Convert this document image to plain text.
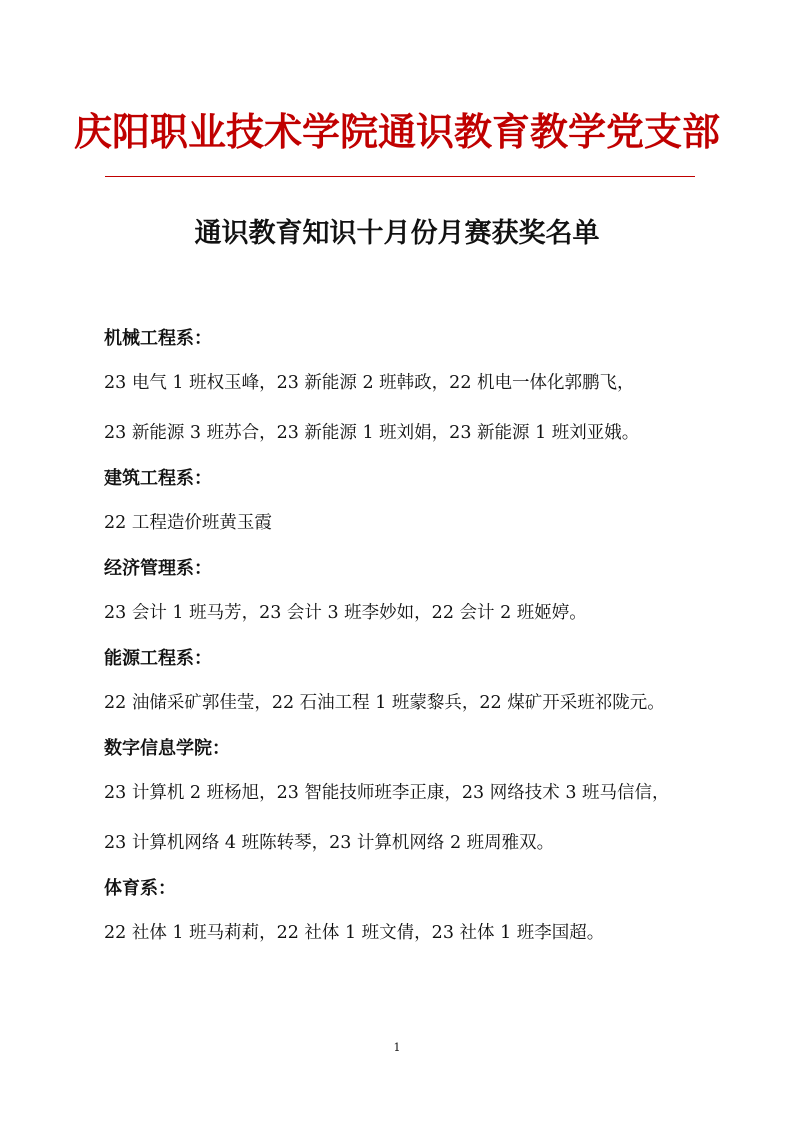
庆阳职业技术学院通识教育教学党支部
通识教育知识十月份月赛获奖名单
机械工程系：
23 电气 1 班权玉峰，23 新能源 2 班韩政，22 机电一体化郭鹏飞，
23 新能源 3 班苏合，23 新能源 1 班刘娟，23 新能源 1 班刘亚娥。
建筑工程系：
22 工程造价班黄玉霞
经济管理系：
23 会计 1 班马芳，23 会计 3 班李妙如，22 会计 2 班姬婷。
能源工程系：
22 油储采矿郭佳莹，22 石油工程 1 班蒙黎兵，22 煤矿开采班祁陇元。
数字信息学院：
23 计算机 2 班杨旭，23 智能技师班李正康，23 网络技术 3 班马信信，
23 计算机网络 4 班陈转琴，23 计算机网络 2 班周雅双。
体育系：
22 社体 1 班马莉莉，22 社体 1 班文倩，23 社体 1 班李国超。
1
